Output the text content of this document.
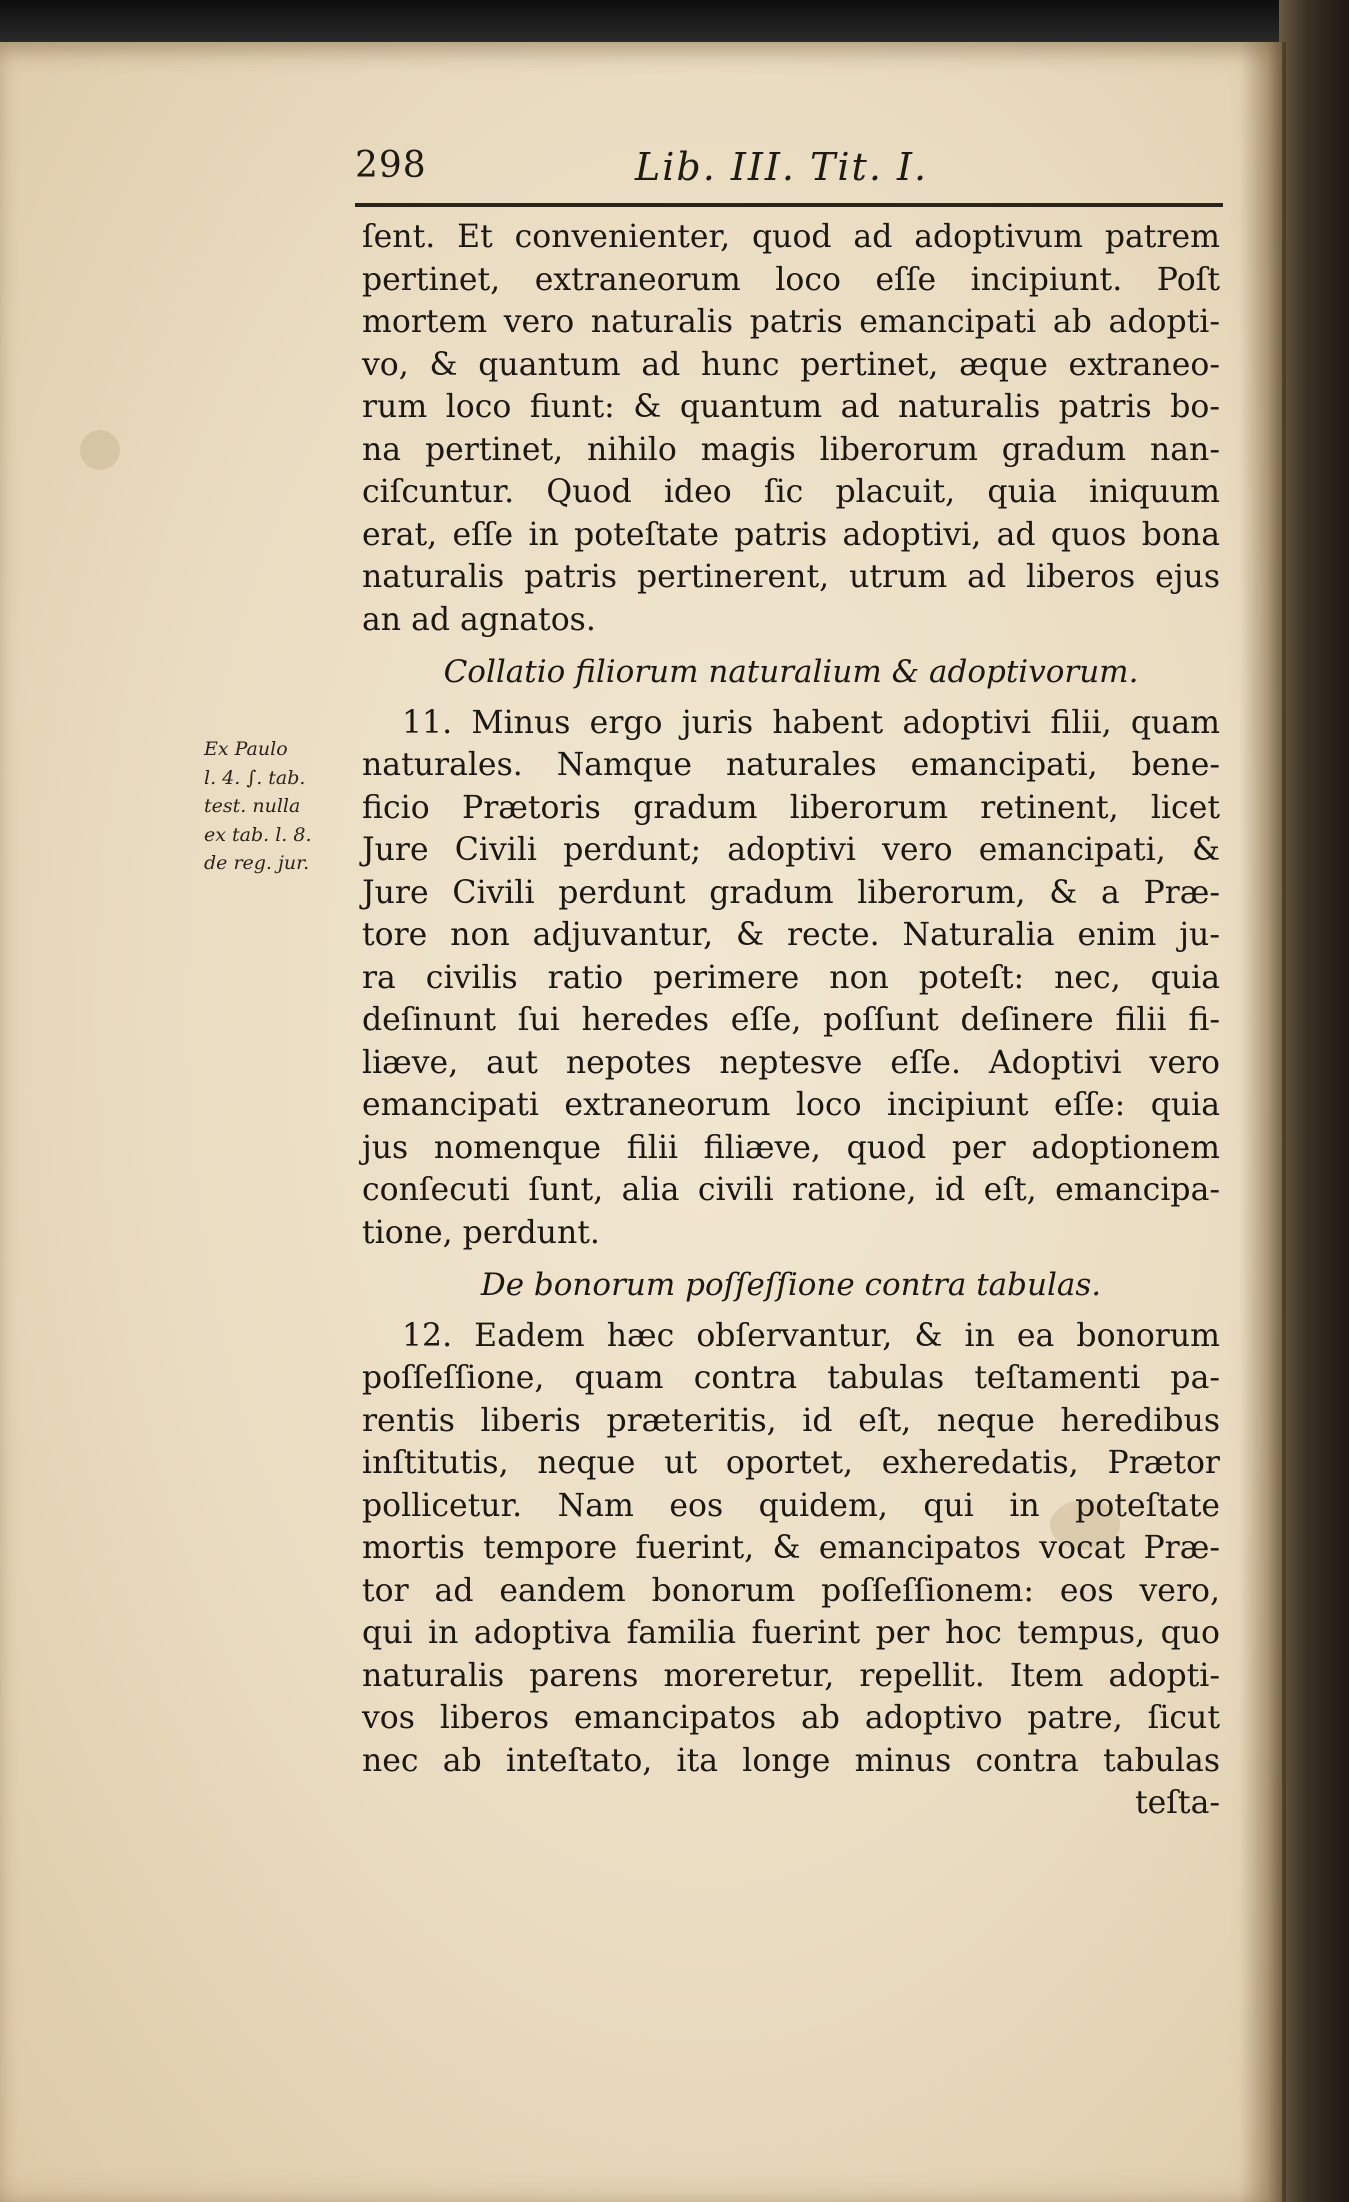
298	Lib. III. Tit. I.
Ex Paulo
l. 4. ∫. tab.
test. nulla
ex tab. l. 8.
de reg. jur.
ſent. Et convenienter, quod ad adoptivum patrem
pertinet, extraneorum loco eſſe incipiunt. Poſt
mortem vero naturalis patris emancipati ab adopti-
vo, & quantum ad hunc pertinet, æque extraneo-
rum loco fiunt: & quantum ad naturalis patris bo-
na pertinet, nihilo magis liberorum gradum nan-
ciſcuntur. Quod ideo ſic placuit, quia iniquum
erat, eſſe in poteſtate patris adoptivi, ad quos bona
naturalis patris pertinerent, utrum ad liberos ejus
an ad agnatos.
Collatio filiorum naturalium & adoptivorum.
11. Minus ergo juris habent adoptivi filii, quam
naturales. Namque naturales emancipati, bene-
ficio Prætoris gradum liberorum retinent, licet
Jure Civili perdunt; adoptivi vero emancipati, &
Jure Civili perdunt gradum liberorum, & a Præ-
tore non adjuvantur, & recte. Naturalia enim ju-
ra civilis ratio perimere non poteſt: nec, quia
deſinunt ſui heredes eſſe, poſſunt deſinere filii fi-
liæve, aut nepotes neptesve eſſe. Adoptivi vero
emancipati extraneorum loco incipiunt eſſe: quia
jus nomenque filii filiæve, quod per adoptionem
conſecuti ſunt, alia civili ratione, id eſt, emancipa-
tione, perdunt.
De bonorum poſſeſſione contra tabulas.
12. Eadem hæc obſervantur, & in ea bonorum
poſſeſſione, quam contra tabulas teſtamenti pa-
rentis liberis præteritis, id eſt, neque heredibus
inſtitutis, neque ut oportet, exheredatis, Prætor
pollicetur. Nam eos quidem, qui in poteſtate
mortis tempore fuerint, & emancipatos vocat Præ-
tor ad eandem bonorum poſſeſſionem: eos vero,
qui in adoptiva familia fuerint per hoc tempus, quo
naturalis parens moreretur, repellit. Item adopti-
vos liberos emancipatos ab adoptivo patre, ſicut
nec ab inteſtato, ita longe minus contra tabulas
teſta-
